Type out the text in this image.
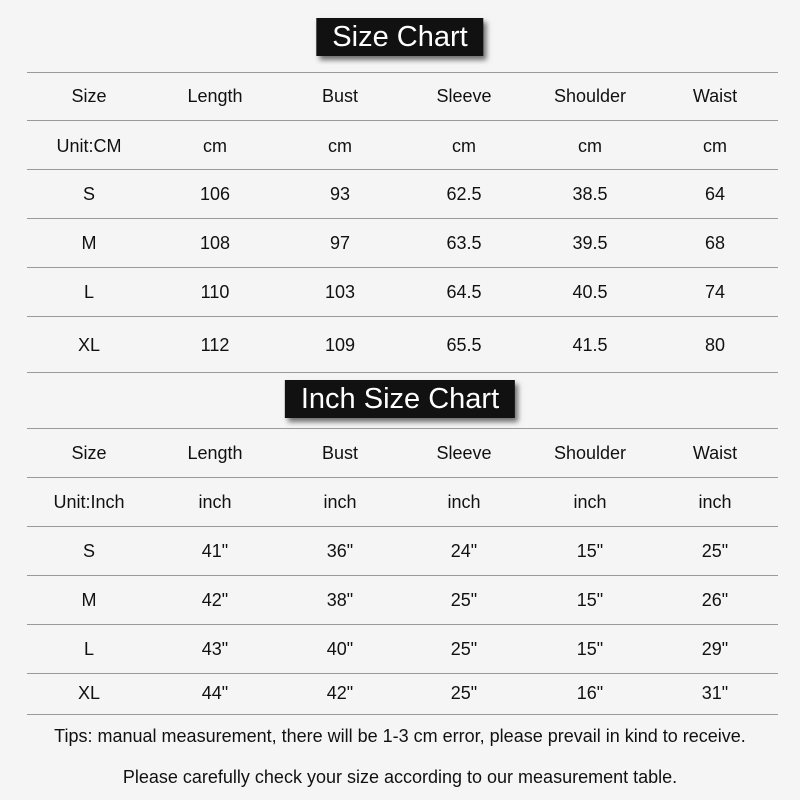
Size Chart
Inch Size Chart
Size	Length	Bust	Sleeve	Shoulder	Waist
Unit:CM	cm	cm	cm	cm	cm
S	106	93	62.5	38.5	64
M	108	97	63.5	39.5	68
L	110	103	64.5	40.5	74
XL	112	109	65.5	41.5	80
Size	Length	Bust	Sleeve	Shoulder	Waist
Unit:Inch	inch	inch	inch	inch	inch
S	41"	36"	24"	15"	25"
M	42"	38"	25"	15"	26"
L	43"	40"	25"	15"	29"
XL	44"	42"	25"	16"	31"
Tips: manual measurement, there will be 1-3 cm error, please prevail in kind to receive.
Please carefully check your size according to our measurement table.
